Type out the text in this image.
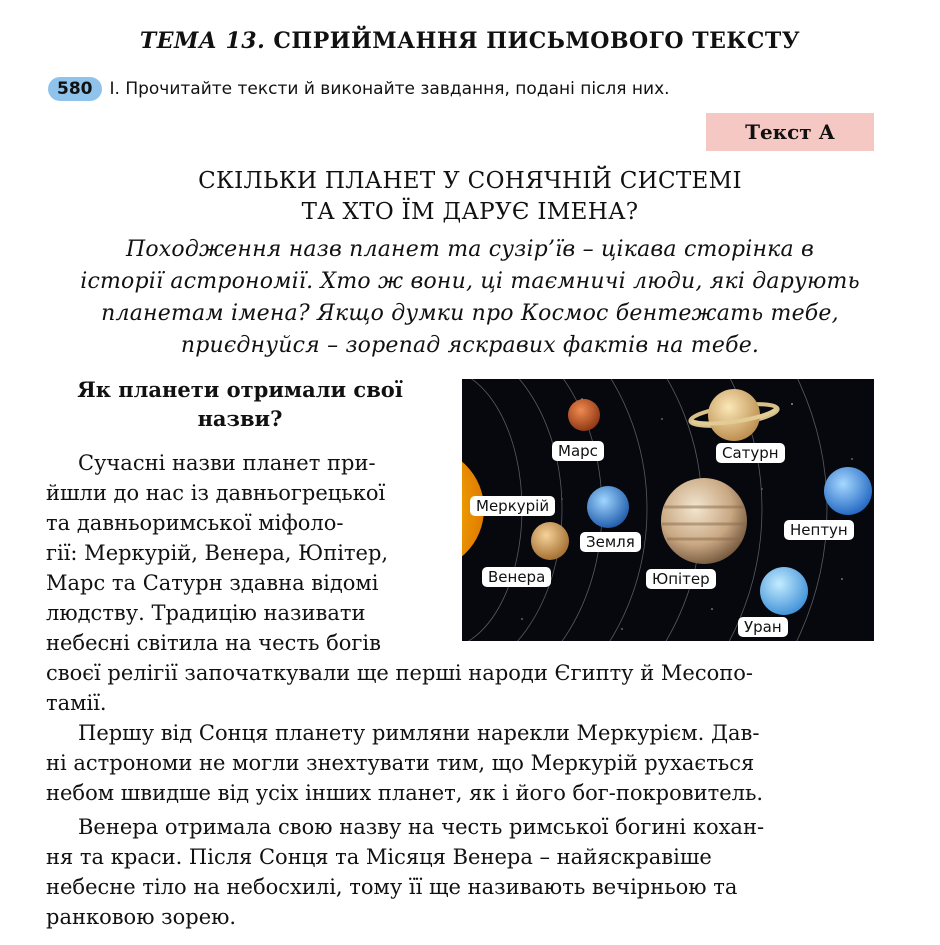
ТЕМА 13. СПРИЙМАННЯ ПИСЬМОВОГО ТЕКСТУ
580	І. Прочитайте тексти й виконайте завдання, подані після них.
Текст А
СКІЛЬКИ ПЛАНЕТ У СОНЯЧНІЙ СИСТЕМІ
ТА ХТО ЇМ ДАРУЄ ІМЕНА?
Походження назв планет та сузір’їв – цікава сторінка в
історії астрономії. Хто ж вони, ці таємничі люди, які дарують
планетам імена? Якщо думки про Космос бентежать тебе,
приєднуйся – зорепад яскравих фактів на тебе.
Як планети отримали свої
назви?
Сучасні назви планет при-
йшли до нас із давньогрецької
та давньоримської міфоло-
гії: Меркурій, Венера, Юпітер,
Марс та Сатурн здавна відомі
людству. Традицію називати
небесні світила на честь богів
своєї релігії започаткували ще перші народи Єгипту й Месопо-
тамії.
Першу від Сонця планету римляни нарекли Меркурієм. Дав-
ні астрономи не могли знехтувати тим, що Меркурій рухається
небом швидше від усіх інших планет, як і його бог-покровитель.
Венера отримала свою назву на честь римської богині кохан-
ня та краси. Після Сонця та Місяця Венера – найяскравіше
небесне тіло на небосхилі, тому її ще називають вечірньою та
ранковою зорею.
Марс	Сатурн
Меркурій
Земля
Нептун
Венера	Юпітер
Уран
